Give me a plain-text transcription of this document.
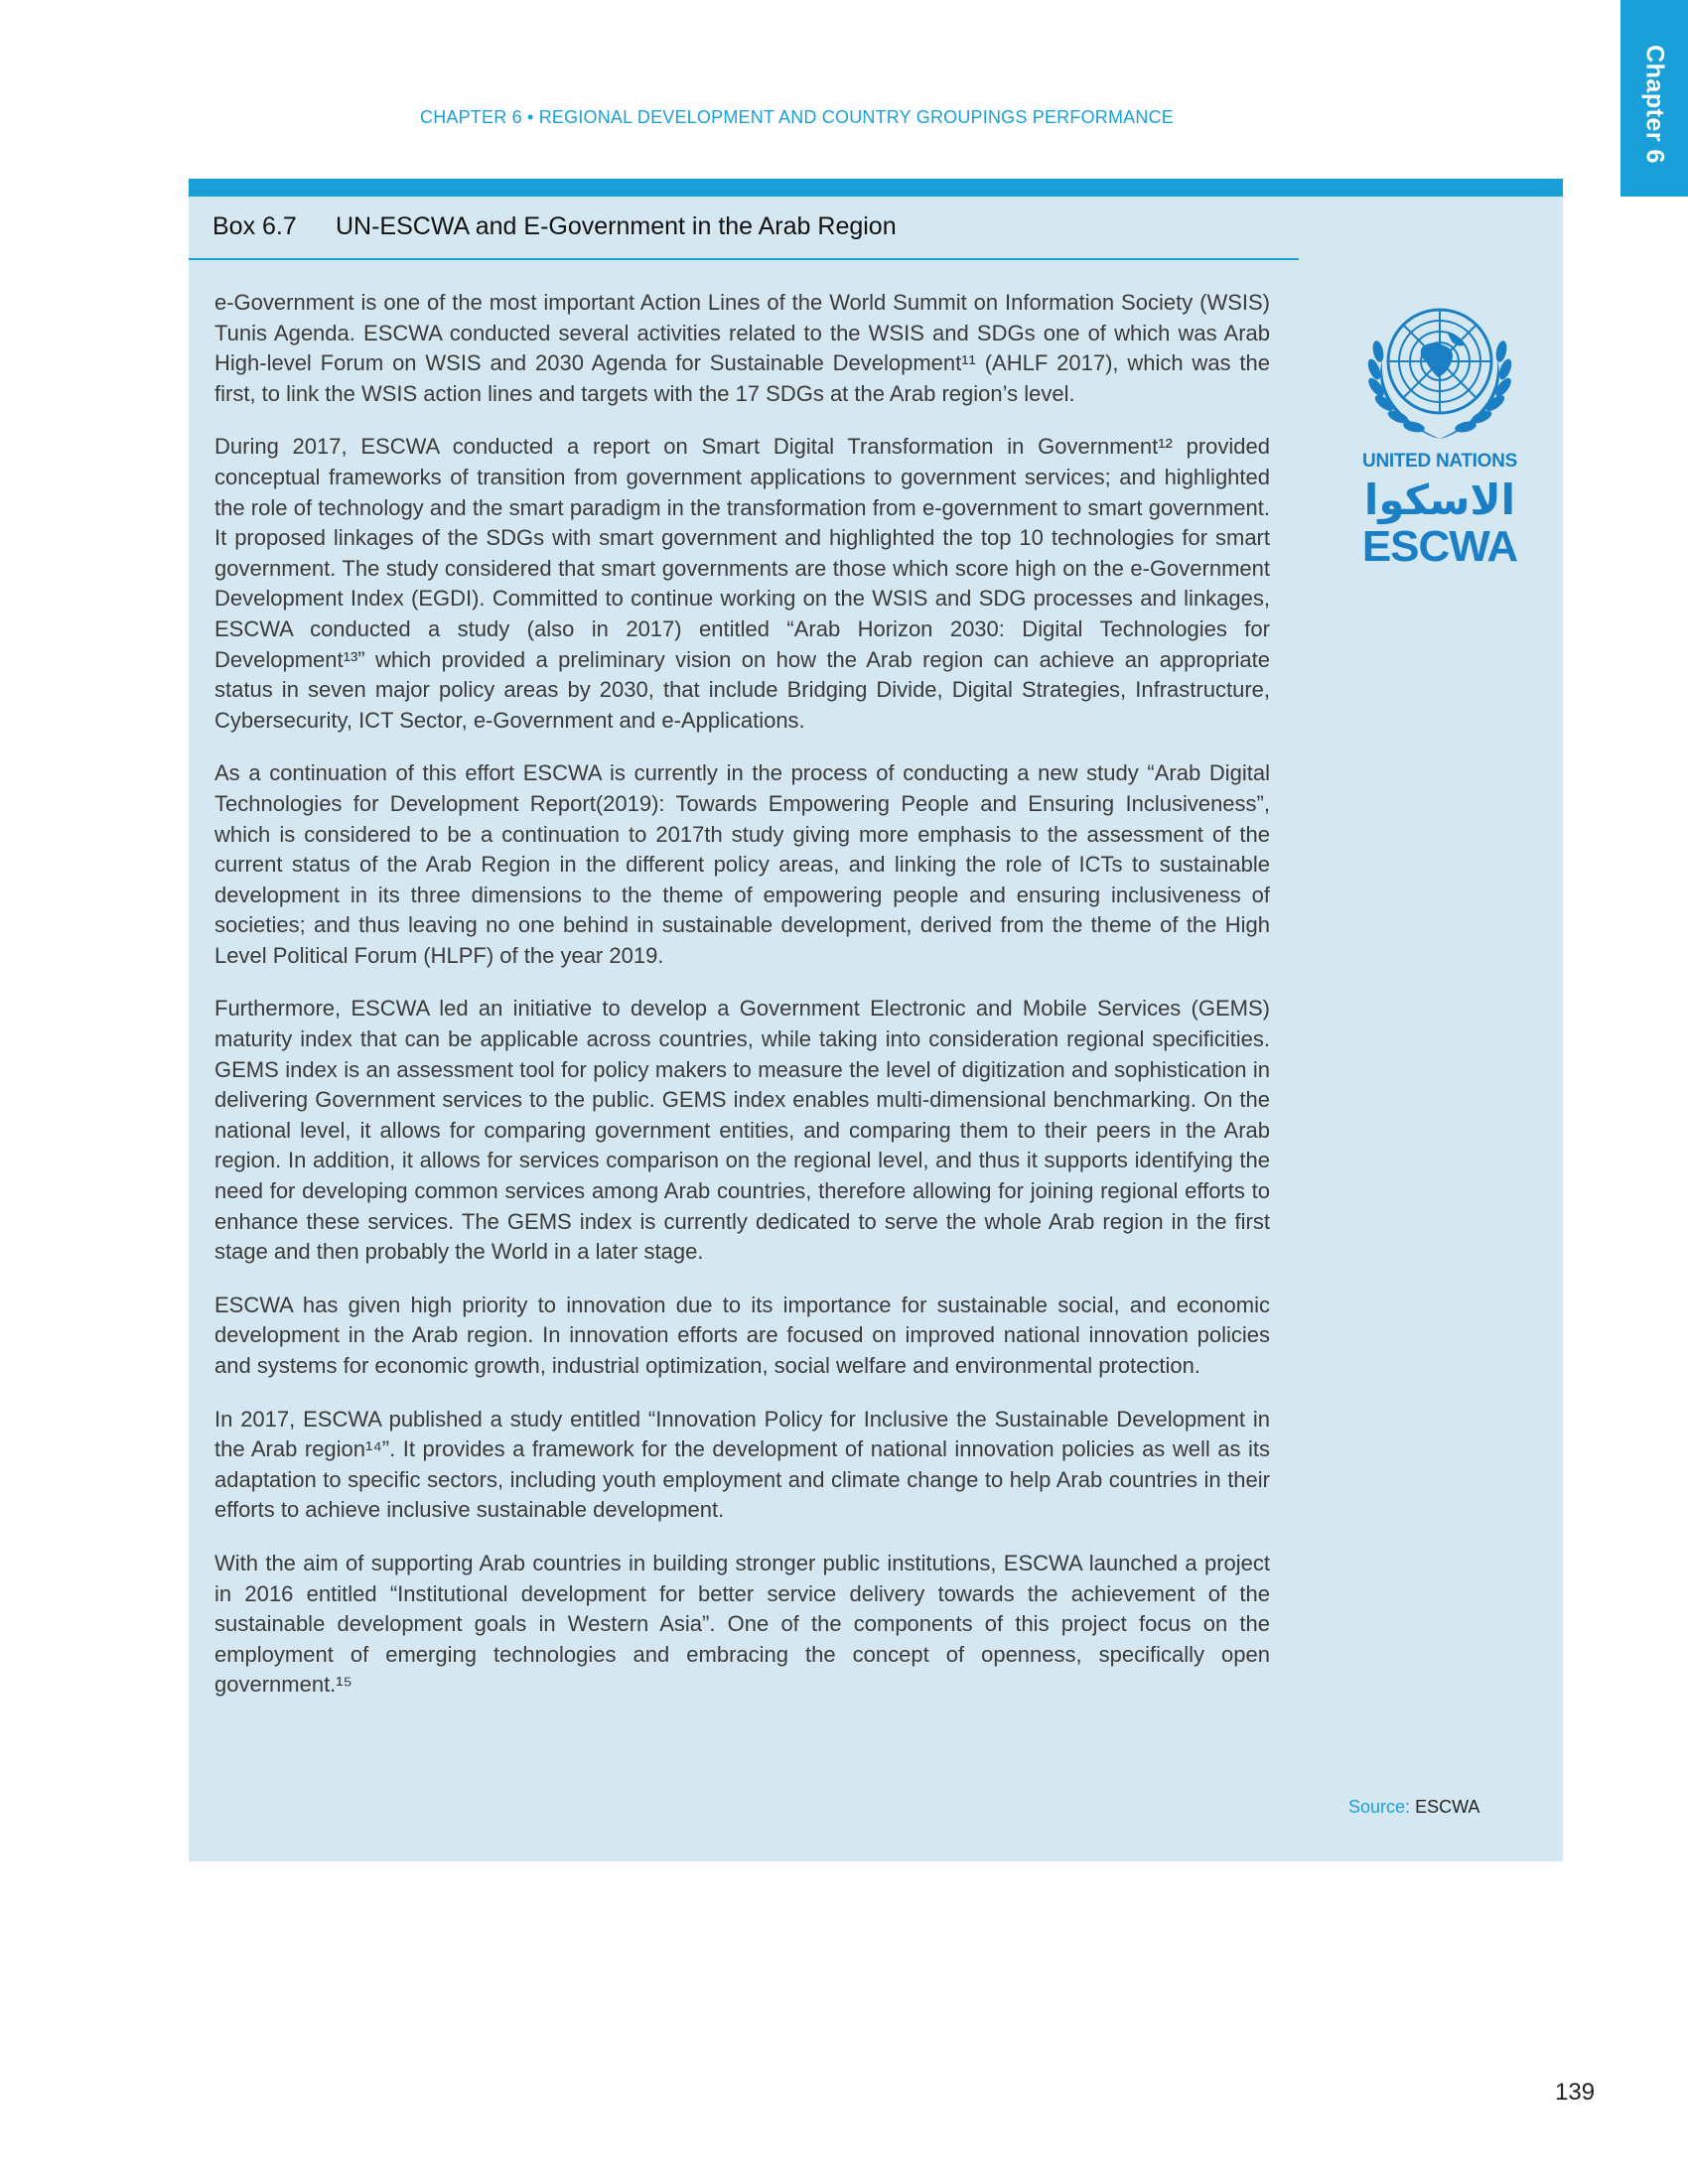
CHAPTER 6 • REGIONAL DEVELOPMENT AND COUNTRY GROUPINGS PERFORMANCE	Chapter 6
Box 6.7 UN-ESCWA and E-Government in the Arab Region

e-Government is one of the most important Action Lines of the World Summit on Information Society (WSIS) Tunis Agenda. ESCWA conducted several activities related to the WSIS and SDGs one of which was Arab High-level Forum on WSIS and 2030 Agenda for Sustainable Development¹¹ (AHLF 2017), which was the first, to link the WSIS action lines and targets with the 17 SDGs at the Arab region’s level.

During 2017, ESCWA conducted a report on Smart Digital Transformation in Government¹² provided conceptual frameworks of transition from government applications to government services; and highlighted the role of technology and the smart paradigm in the transformation from e-government to smart government. It proposed linkages of the SDGs with smart government and highlighted the top 10 technologies for smart government. The study considered that smart governments are those which score high on the e-Government Development Index (EGDI). Committed to continue working on the WSIS and SDG processes and linkages, ESCWA conducted a study (also in 2017) entitled “Arab Horizon 2030: Digital Technologies for Development¹³” which provided a preliminary vision on how the Arab region can achieve an appropriate status in seven major policy areas by 2030, that include Bridging Divide, Digital Strategies, Infrastructure, Cybersecurity, ICT Sector, e-Government and e-Applications.

As a continuation of this effort ESCWA is currently in the process of conducting a new study “Arab Digital Technologies for Development Report(2019): Towards Empowering People and Ensuring Inclusiveness”, which is considered to be a continuation to 2017th study giving more emphasis to the assessment of the current status of the Arab Region in the different policy areas, and linking the role of ICTs to sustainable development in its three dimensions to the theme of empowering people and ensuring inclusiveness of societies; and thus leaving no one behind in sustainable development, derived from the theme of the High Level Political Forum (HLPF) of the year 2019.

Furthermore, ESCWA led an initiative to develop a Government Electronic and Mobile Services (GEMS) maturity index that can be applicable across countries, while taking into consideration regional specificities. GEMS index is an assessment tool for policy makers to measure the level of digitization and sophistication in delivering Government services to the public. GEMS index enables multi-dimensional benchmarking. On the national level, it allows for comparing government entities, and comparing them to their peers in the Arab region. In addition, it allows for services comparison on the regional level, and thus it supports identifying the need for developing common services among Arab countries, therefore allowing for joining regional efforts to enhance these services. The GEMS index is currently dedicated to serve the whole Arab region in the first stage and then probably the World in a later stage.

ESCWA has given high priority to innovation due to its importance for sustainable social, and economic development in the Arab region. In innovation efforts are focused on improved national innovation policies and systems for economic growth, industrial optimization, social welfare and environmental protection.

In 2017, ESCWA published a study entitled “Innovation Policy for Inclusive the Sustainable Development in the Arab region¹⁴”. It provides a framework for the development of national innovation policies as well as its adaptation to specific sectors, including youth employment and climate change to help Arab countries in their efforts to achieve inclusive sustainable development.

With the aim of supporting Arab countries in building stronger public institutions, ESCWA launched a project in 2016 entitled “Institutional development for better service delivery towards the achievement of the sustainable development goals in Western Asia”. One of the components of this project focus on the employment of emerging technologies and embracing the concept of openness, specifically open government.¹⁵

UNITED NATIONS
الاسكوا
ESCWA
Source: ESCWA
139
